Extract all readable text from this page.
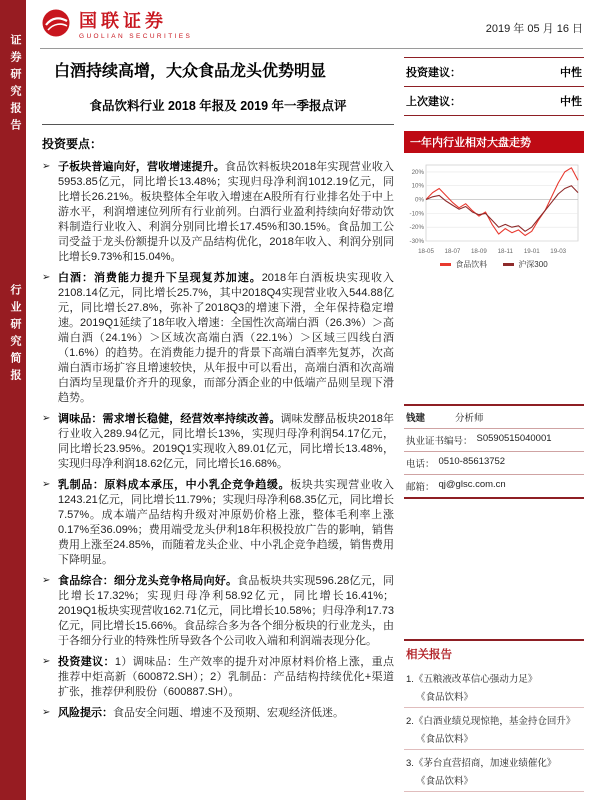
证券研究报告
行业研究简报
国联证券
GUOLIAN SECURITIES
2019 年 05 月 16 日
白酒持续高增，大众食品龙头优势明显
食品饮料行业 2018 年报及 2019 年一季报点评
投资要点：
➢ 子板块普遍向好，营收增速提升。食品饮料板块2018年实现营业收入5953.85亿元，同比增长13.48%；实现归母净利润1012.19亿元，同比增长26.21%。板块整体全年收入增速在A股所有行业排名处于中上游水平，利润增速位列所有行业前列。白酒行业盈利持续向好带动饮料制造行业收入、利润分别同比增长17.45%和30.15%。食品加工公司受益于龙头份额提升以及产品结构优化，2018年收入、利润分别同比增长9.73%和15.04%。

➢ 白酒：消费能力提升下呈现复苏加速。2018年白酒板块实现收入2108.14亿元，同比增长25.7%，其中2018Q4实现营业收入544.88亿元，同比增长27.8%，弥补了2018Q3的增速下滑，全年保持稳定增速。2019Q1延续了18年收入增速：全国性次高端白酒（26.3%）＞高端白酒（24.1%）＞区域次高端白酒（22.1%）＞区域三四线白酒（1.6%）的趋势。在消费能力提升的背景下高端白酒率先复苏，次高端白酒市场扩容且增速较快，从年报中可以看出，高端白酒和次高端白酒均呈现量价齐升的现象，而部分酒企业的中低端产品则呈现下滑趋势。

➢ 调味品：需求增长稳健，经营效率持续改善。调味发酵品板块2018年行业收入289.94亿元，同比增长13%，实现归母净利润54.17亿元，同比增长23.95%。2019Q1实现收入89.01亿元，同比增长13.48%，实现归母净利润18.62亿元，同比增长16.68%。

➢ 乳制品：原料成本承压，中小乳企竞争趋缓。板块共实现营业收入1243.21亿元，同比增长11.79%；实现归母净利68.35亿元，同比增长7.57%。成本端产品结构升级对冲原奶价格上涨，整体毛利率上涨0.17%至36.09%；费用端受龙头伊利18年积极投放广告的影响，销售费用上涨至24.85%，而随着龙头企业、中小乳企竞争趋缓，销售费用下降明显。

➢ 食品综合：细分龙头竞争格局向好。食品板块共实现596.28亿元，同比增长17.32%；实现归母净利58.92亿元，同比增长16.41%；2019Q1板块实现营收162.71亿元，同比增长10.58%；归母净利17.73亿元，同比增长15.66%。食品综合多为各个细分板块的行业龙头，由于各细分行业的特殊性所导致各个公司收入端和利润端表现分化。

➢ 投资建议：1）调味品：生产效率的提升对冲原材料价格上涨，重点推荐中炬高新（600872.SH）；2）乳制品：产品结构持续优化+渠道扩张，推荐伊利股份（600887.SH）。

➢ 风险提示：食品安全问题、增速不及预期、宏观经济低迷。

投资建议：	中性
上次建议：	中性
一年内行业相对大盘走势
20%
10%
0%
-10%
-20%
-30%
18-05 18-07 18-09 18-11 19-01 19-03
食品饮料	沪深300
钱建	分析师
执业证书编号： S0590515040001
电话： 0510-85613752
邮箱： qj@glsc.com.cn
相关报告
1.《五粮液改革信心强动力足》
《食品饮料》
2.《白酒业绩兑现惊艳，基金持仓回升》
《食品饮料》
3.《茅台直营招商，加速业绩催化》
《食品饮料》
